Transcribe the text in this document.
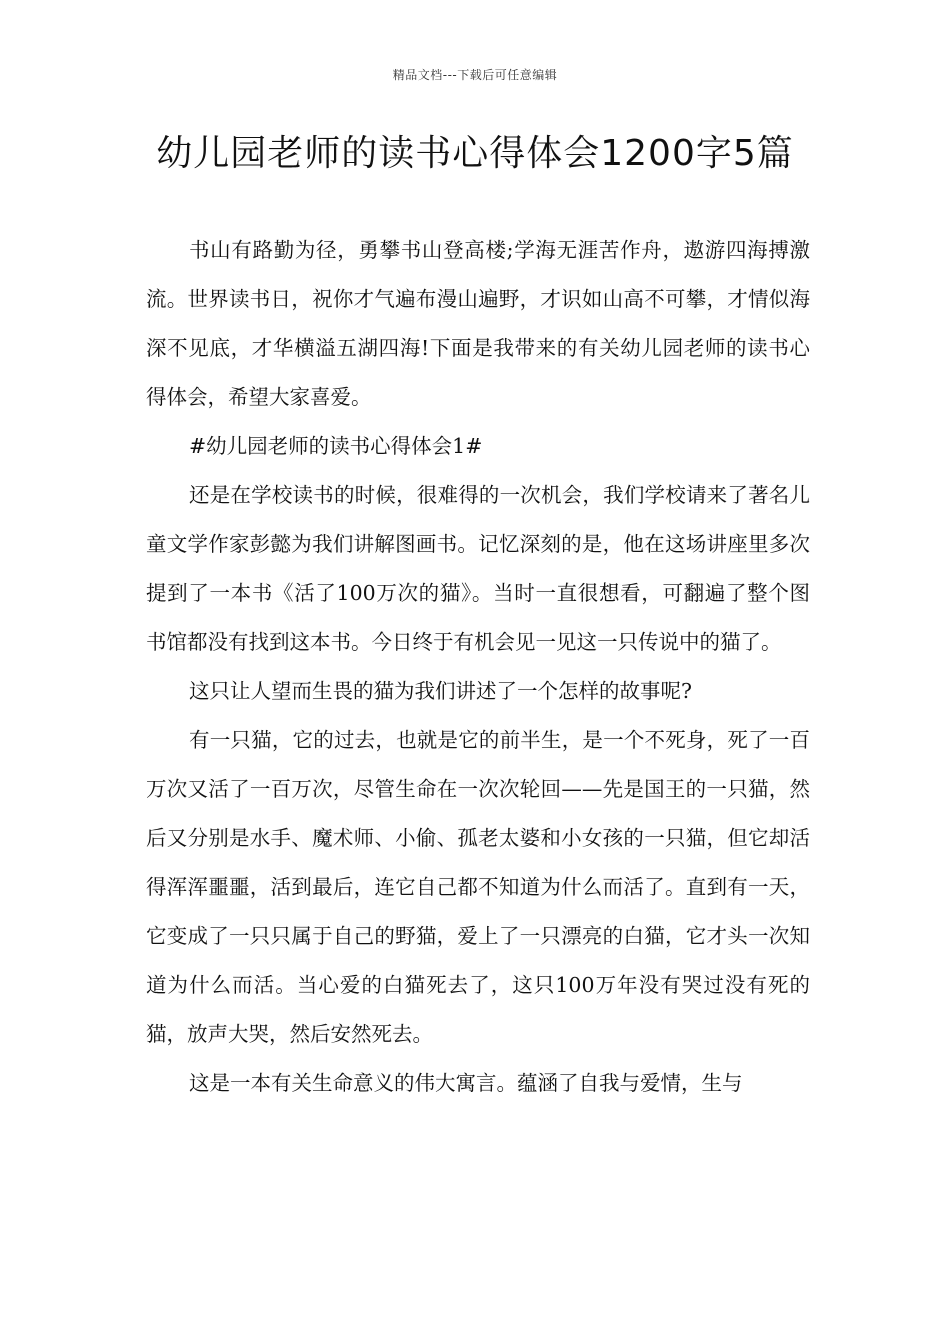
精品文档---下载后可任意编辑
幼儿园老师的读书心得体会1200字5篇

书山有路勤为径，勇攀书山登高楼;学海无涯苦作舟，遨游四海搏激流。世界读书日，祝你才气遍布漫山遍野，才识如山高不可攀，才情似海深不见底，才华横溢五湖四海!下面是我带来的有关幼儿园老师的读书心得体会，希望大家喜爱。

#幼儿园老师的读书心得体会1#

还是在学校读书的时候，很难得的一次机会，我们学校请来了著名儿童文学作家彭懿为我们讲解图画书。记忆深刻的是，他在这场讲座里多次提到了一本书《活了100万次的猫》。当时一直很想看，可翻遍了整个图书馆都没有找到这本书。今日终于有机会见一见这一只传说中的猫了。

这只让人望而生畏的猫为我们讲述了一个怎样的故事呢?

有一只猫，它的过去，也就是它的前半生，是一个不死身，死了一百万次又活了一百万次，尽管生命在一次次轮回——先是国王的一只猫，然后又分别是水手、魔术师、小偷、孤老太婆和小女孩的一只猫，但它却活得浑浑噩噩，活到最后，连它自己都不知道为什么而活了。直到有一天，它变成了一只只属于自己的野猫，爱上了一只漂亮的白猫，它才头一次知道为什么而活。当心爱的白猫死去了，这只100万年没有哭过没有死的猫，放声大哭，然后安然死去。

这是一本有关生命意义的伟大寓言。蕴涵了自我与爱情，生与
